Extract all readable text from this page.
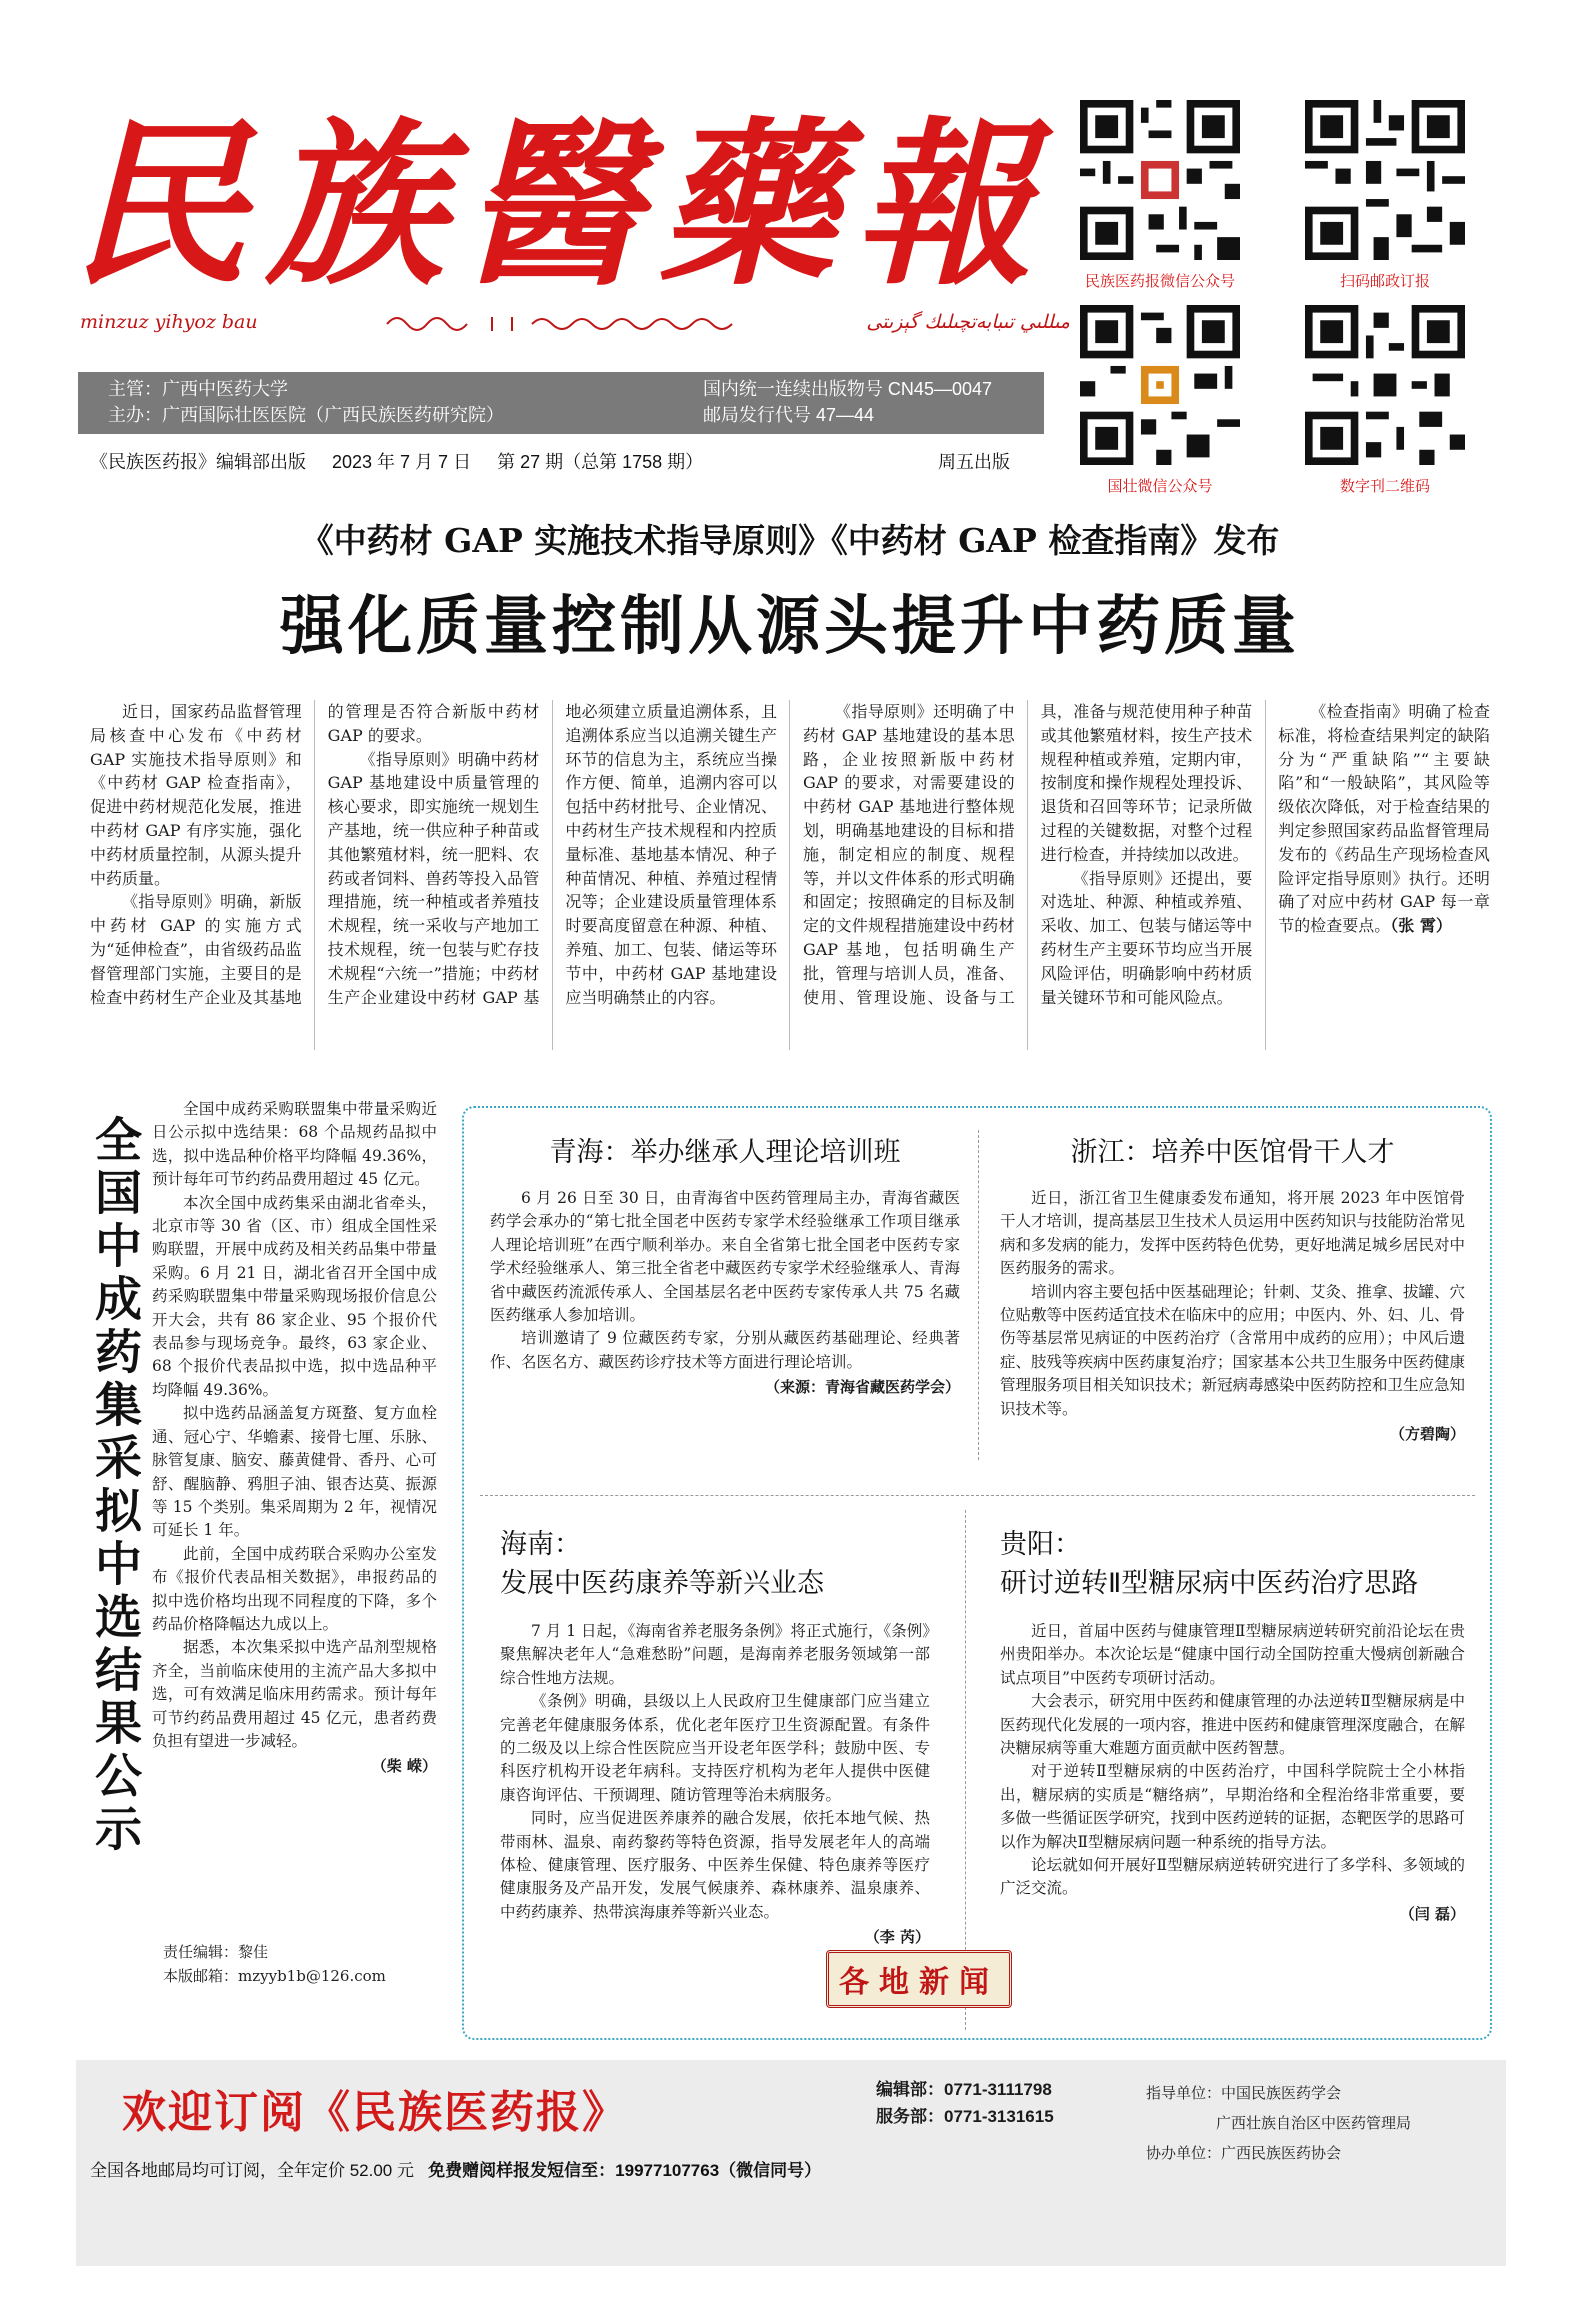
民族醫藥報
minzuz yihyoz bau	مىللىي تىبابەتچىلىك گېزىتى
主管：广西中医药大学
主办：广西国际壮医医院（广西民族医药研究院）
国内统一连续出版物号 CN45—0047
邮局发行代号 47—44
《民族医药报》编辑部出版 2023 年 7 月 7 日 第 27 期（总第 1758 期）	周五出版
民族医药报微信公众号	扫码邮政订报
国壮微信公众号	数字刊二维码
《中药材 GAP 实施技术指导原则》《中药材 GAP 检查指南》发布
强化质量控制从源头提升中药质量

近日，国家药品监督管理局核查中心发布《中药材 GAP 实施技术指导原则》和《中药材 GAP 检查指南》，促进中药材规范化发展，推进中药材 GAP 有序实施，强化中药材质量控制，从源头提升中药质量。

《指导原则》明确，新版中药材 GAP 的实施方式为“延伸检查”，由省级药品监督管理部门实施，主要目的是检查中药材生产企业及其基地的管理是否符合新版中药材 GAP 的要求。

《指导原则》明确中药材 GAP 基地建设中质量管理的核心要求，即实施统一规划生产基地，统一供应种子种苗或其他繁殖材料，统一肥料、农药或者饲料、兽药等投入品管理措施，统一种植或者养殖技术规程，统一采收与产地加工技术规程，统一包装与贮存技术规程“六统一”措施；中药材生产企业建设中药材 GAP 基地必须建立质量追溯体系，且追溯体系应当以追溯关键生产环节的信息为主，系统应当操作方便、简单，追溯内容可以包括中药材批号、企业情况、中药材生产技术规程和内控质量标准、基地基本情况、种子种苗情况、种植、养殖过程情况等；企业建设质量管理体系时要高度留意在种源、种植、养殖、加工、包装、储运等环节中，中药材 GAP 基地建设应当明确禁止的内容。

《指导原则》还明确了中药材 GAP 基地建设的基本思路，企业按照新版中药材 GAP 的要求，对需要建设的中药材 GAP 基地进行整体规划，明确基地建设的目标和措施，制定相应的制度、规程等，并以文件体系的形式明确和固定；按照确定的目标及制定的文件规程措施建设中药材 GAP 基地，包括明确生产批，管理与培训人员，准备、使用、管理设施、设备与工具，准备与规范使用种子种苗或其他繁殖材料，按生产技术规程种植或养殖，定期内审，按制度和操作规程处理投诉、退货和召回等环节；记录所做过程的关键数据，对整个过程进行检查，并持续加以改进。

《指导原则》还提出，要对选址、种源、种植或养殖、采收、加工、包装与储运等中药材生产主要环节均应当开展风险评估，明确影响中药材质量关键环节和可能风险点。

《检查指南》明确了检查标准，将检查结果判定的缺陷分为“严重缺陷”“主要缺陷”和“一般缺陷”，其风险等级依次降低，对于检查结果的判定参照国家药品监督管理局发布的《药品生产现场检查风险评定指导原则》执行。还明确了对应中药材 GAP 每一章节的检查要点。（张 霄）

全国中成药集采拟中选结果公示

全国中成药采购联盟集中带量采购近日公示拟中选结果：68 个品规药品拟中选，拟中选品种价格平均降幅 49.36%，预计每年可节约药品费用超过 45 亿元。

本次全国中成药集采由湖北省牵头，北京市等 30 省（区、市）组成全国性采购联盟，开展中成药及相关药品集中带量采购。6 月 21 日，湖北省召开全国中成药采购联盟集中带量采购现场报价信息公开大会，共有 86 家企业、95 个报价代表品参与现场竞争。最终，63 家企业、68 个报价代表品拟中选，拟中选品种平均降幅 49.36%。

拟中选药品涵盖复方斑蝥、复方血栓通、冠心宁、华蟾素、接骨七厘、乐脉、脉管复康、脑安、藤黄健骨、香丹、心可舒、醒脑静、鸦胆子油、银杏达莫、振源等 15 个类别。集采周期为 2 年，视情况可延长 1 年。

此前，全国中成药联合采购办公室发布《报价代表品相关数据》，串报药品的拟中选价格均出现不同程度的下降，多个药品价格降幅达九成以上。

据悉，本次集采拟中选产品剂型规格齐全，当前临床使用的主流产品大多拟中选，可有效满足临床用药需求。预计每年可节约药品费用超过 45 亿元，患者药费负担有望进一步减轻。

（柴 嵘）
责任编辑：黎佳
本版邮箱：mzyyb1b@126.com
青海：举办继承人理论培训班

6 月 26 日至 30 日，由青海省中医药管理局主办，青海省藏医药学会承办的“第七批全国老中医药专家学术经验继承工作项目继承人理论培训班”在西宁顺利举办。来自全省第七批全国老中医药专家学术经验继承人、第三批全省老中藏医药专家学术经验继承人、青海省中藏医药流派传承人、全国基层名老中医药专家传承人共 75 名藏医药继承人参加培训。

培训邀请了 9 位藏医药专家，分别从藏医药基础理论、经典著作、名医名方、藏医药诊疗技术等方面进行理论培训。

（来源：青海省藏医药学会）
浙江：培养中医馆骨干人才

近日，浙江省卫生健康委发布通知，将开展 2023 年中医馆骨干人才培训，提高基层卫生技术人员运用中医药知识与技能防治常见病和多发病的能力，发挥中医药特色优势，更好地满足城乡居民对中医药服务的需求。

培训内容主要包括中医基础理论；针刺、艾灸、推拿、拔罐、穴位贴敷等中医药适宜技术在临床中的应用；中医内、外、妇、儿、骨伤等基层常见病证的中医药治疗（含常用中成药的应用）；中风后遗症、肢残等疾病中医药康复治疗；国家基本公共卫生服务中医药健康管理服务项目相关知识技术；新冠病毒感染中医药防控和卫生应急知识技术等。

（方碧陶）
海南：
发展中医药康养等新兴业态

7 月 1 日起，《海南省养老服务条例》将正式施行，《条例》聚焦解决老年人“急难愁盼”问题，是海南养老服务领域第一部综合性地方法规。

《条例》明确，县级以上人民政府卫生健康部门应当建立完善老年健康服务体系，优化老年医疗卫生资源配置。有条件的二级及以上综合性医院应当开设老年医学科；鼓励中医、专科医疗机构开设老年病科。支持医疗机构为老年人提供中医健康咨询评估、干预调理、随访管理等治未病服务。

同时，应当促进医养康养的融合发展，依托本地气候、热带雨林、温泉、南药黎药等特色资源，指导发展老年人的高端体检、健康管理、医疗服务、中医养生保健、特色康养等医疗健康服务及产品开发，发展气候康养、森林康养、温泉康养、中药药康养、热带滨海康养等新兴业态。

（李 芮）
贵阳：
研讨逆转Ⅱ型糖尿病中医药治疗思路

近日，首届中医药与健康管理Ⅱ型糖尿病逆转研究前沿论坛在贵州贵阳举办。本次论坛是“健康中国行动全国防控重大慢病创新融合试点项目”中医药专项研讨活动。

大会表示，研究用中医药和健康管理的办法逆转Ⅱ型糖尿病是中医药现代化发展的一项内容，推进中医药和健康管理深度融合，在解决糖尿病等重大难题方面贡献中医药智慧。

对于逆转Ⅱ型糖尿病的中医药治疗，中国科学院院士仝小林指出，糖尿病的实质是“糖络病”，早期治络和全程治络非常重要，要多做一些循证医学研究，找到中医药逆转的证据，态靶医学的思路可以作为解决Ⅱ型糖尿病问题一种系统的指导方法。

论坛就如何开展好Ⅱ型糖尿病逆转研究进行了多学科、多领域的广泛交流。

（闫 磊）
各地新闻
欢迎订阅《民族医药报》	编辑部：0771-3111798
服务部：0771-3131615
指导单位：中国民族医药学会
广西壮族自治区中医药管理局
协办单位：广西民族医药协会
全国各地邮局均可订阅，全年定价 52.00 元 免费赠阅样报发短信至：19977107763（微信同号）
